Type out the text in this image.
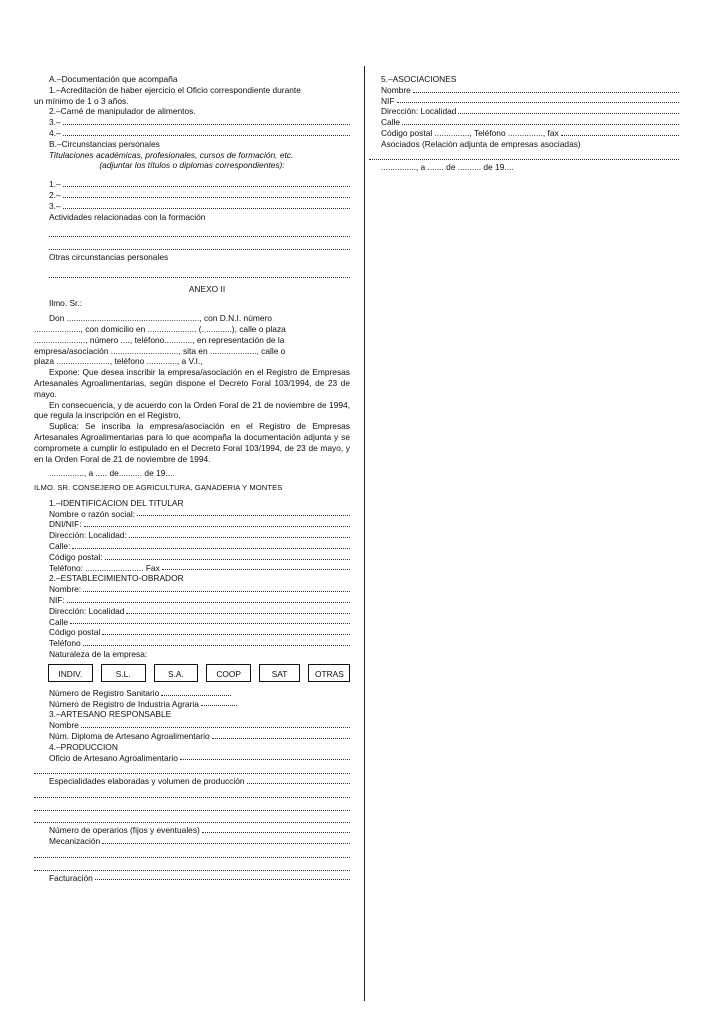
A.–Documentación que acompaña
1.–Acreditación de haber ejercicio el Oficio correspondiente durante
un mínimo de 1 o 3 años.
2.–Carné de manipulador de alimentos.
3.–
4.–
B.–Circunstancias personales
Titulaciones académicas, profesionales, cursos de formación, etc.
(adjuntar los títulos o diplomas correspondientes):
1.–
2.–
3.–
Actividades relacionadas con la formación
Otras circunstancias personales
ANEXO II
Ilmo. Sr.:
Don ........................................................., con D.N.I. número
...................., con domicilio en ..................... (.............), calle o plaza
......................, número ...., teléfono............, en representación de la
empresa/asociación ............................., sita en ...................., calle o
plaza ......................., teléfono ............., a V.I.,

Expone: Que desea inscribir la empresa/asociación en el Registro de Empresas Artesanales Agroalimentarias, según dispone el Decreto Foral 103/1994, de 23 de mayo.

En consecuencia, y de acuerdo con la Orden Foral de 21 de noviembre de 1994, que regula la inscripción en el Registro,

Suplica: Se inscriba la empresa/asociación en el Registro de Empresas Artesanales Agroalimentarias para lo que acompaña la documentación adjunta y se compromete a cumplir lo estipulado en el Decreto Foral 103/1994, de 23 de mayo, y en la Orden Foral de 21 de noviembre de 1994.

..............., a ..... de.......... de 19....
ILMO. SR. CONSEJERO DE AGRICULTURA, GANADERIA Y MONTES
1.–IDENTIFICACION DEL TITULAR
Nombre o razón social:
DNI/NIF:
Dirección: Localidad:
Calle:
Código postal:
Teléfono: ......................... Fax
2.–ESTABLECIMIENTO-OBRADOR
Nombre:
NIF:
Dirección: Localidad
Calle
Código postal
Teléfono
Naturaleza de la empresa:
INDIV.	S.L.	S.A.	COOP	SAT	OTRAS
Número de Registro Sanitario
Número de Registro de Industria Agraria
3.–ARTESANO RESPONSABLE
Nombre
Núm. Diploma de Artesano Agroalimentario
4.–PRODUCCION
Oficio de Artesano Agroalimentario
Especialidades elaboradas y volumen de producción
Número de operarios (fijos y eventuales)
Mecanización
Facturación
5.–ASOCIACIONES
Nombre
NIF
Dirección: Localidad
Calle
Código postal ..............., Teléfono ..............., fax
Asociados (Relación adjunta de empresas asociadas)
..............., a ....... de .......... de 19....
